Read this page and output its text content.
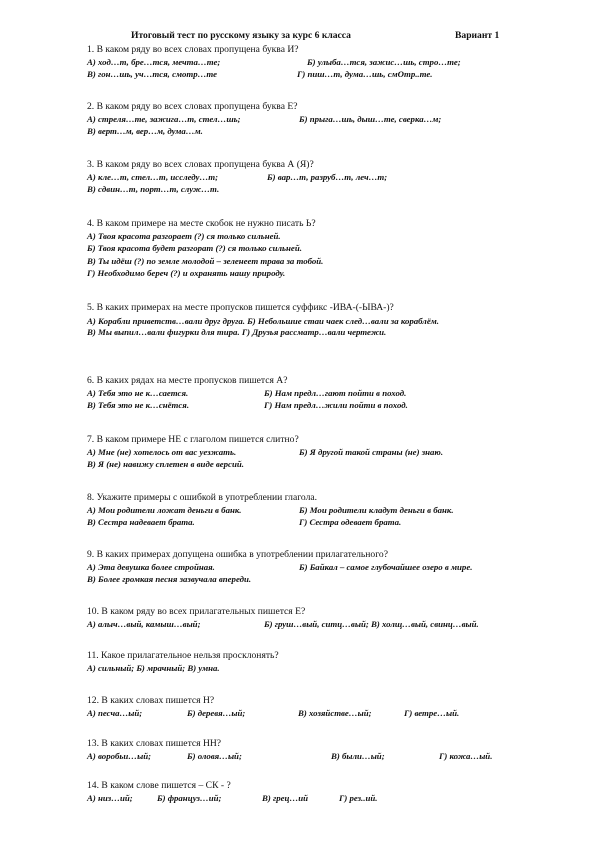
Итоговый тест по русскому языку за курс 6 класса	Вариант 1
1. В каком ряду во всех словах пропущена буква И?
А) ход…т, бре…тся, мечта…те;	Б) улыба…тся, зажис…шь, стро…те;
В) гон…шь, уч…тся, смотр…те	Г) пиш…т, дума…шь, смОтр..те.
2. В каком ряду во всех словах пропущена буква Е?
А) стреля…те, зажига…т, стел…шь;	Б) прыга…шь, дыш…те, сверка…м;
В) верт…м, вер…м, дума…м.
3. В каком ряду во всех словах пропущена буква А (Я)?
А) кле…т, стел…т, исследу…т;	Б) вар…т, разруб…т, леч…т;
В) сдвин…т, порт…т, служ…т.
4. В каком примере на месте скобок не нужно писать Ь?
А) Твоя красота разгорает (?) ся только сильней.
Б) Твоя красота будет разгорат (?) ся только сильней.
В) Ты идёш (?) по земле молодой – зеленеет трава за тобой.
Г) Необходимо береч (?) и охранять нашу природу.
5. В каких примерах на месте пропусков пишется суффикс -ИВА-(-ЫВА-)?
А) Корабли приветств…вали друг друга. Б) Небольшие стаи чаек след…вали за кораблём.
В) Мы выпил…вали фигурки для тира. Г) Друзья рассматр…вали чертежи.
6. В каких рядах на месте пропусков пишется А?
А) Тебя это не к…сается.	Б) Нам предл…гают пойти в поход.
В) Тебя это не к…снётся.	Г) Нам предл…жили пойти в поход.
7. В каком примере НЕ с глаголом пишется слитно?
А) Мне (не) хотелось от вас уезжать.	Б) Я другой такой страны (не) знаю.
В) Я (не) навижу сплетен в виде версий.
8. Укажите примеры с ошибкой в употреблении глагола.
А) Мои родители ложат деньги в банк.	Б) Мои родители кладут деньги в банк.
В) Сестра надевает брата.	Г) Сестра одевает брата.
9. В каких примерах допущена ошибка в употреблении прилагательного?
А) Эта девушка более стройная.	Б) Байкал – самое глубочайшее озеро в мире.
В) Более громкая песня зазвучала впереди.
10. В каком ряду во всех прилагательных пишется Е?
А) алыч…вый, камыш…вый;	Б) груш…вый, ситц…вый; В) холщ…вый, свинц…вый.
11. Какое прилагательное нельзя просклонять?
А) сильный; Б) мрачный; В) умна.
12. В каких словах пишется Н?
А) песча…ый;	Б) деревя…ый;	В) хозяйстве…ый;	Г) ветре…ый.
13. В каких словах пишется НН?
А) воробьи…ый;	Б) оловя…ый;	В) были…ый;	Г) кожа…ый.
14. В каком слове пишется – СК - ?
А) низ…ий;	Б) француз…ий;	В) грец…ий	Г) рез..ий.
